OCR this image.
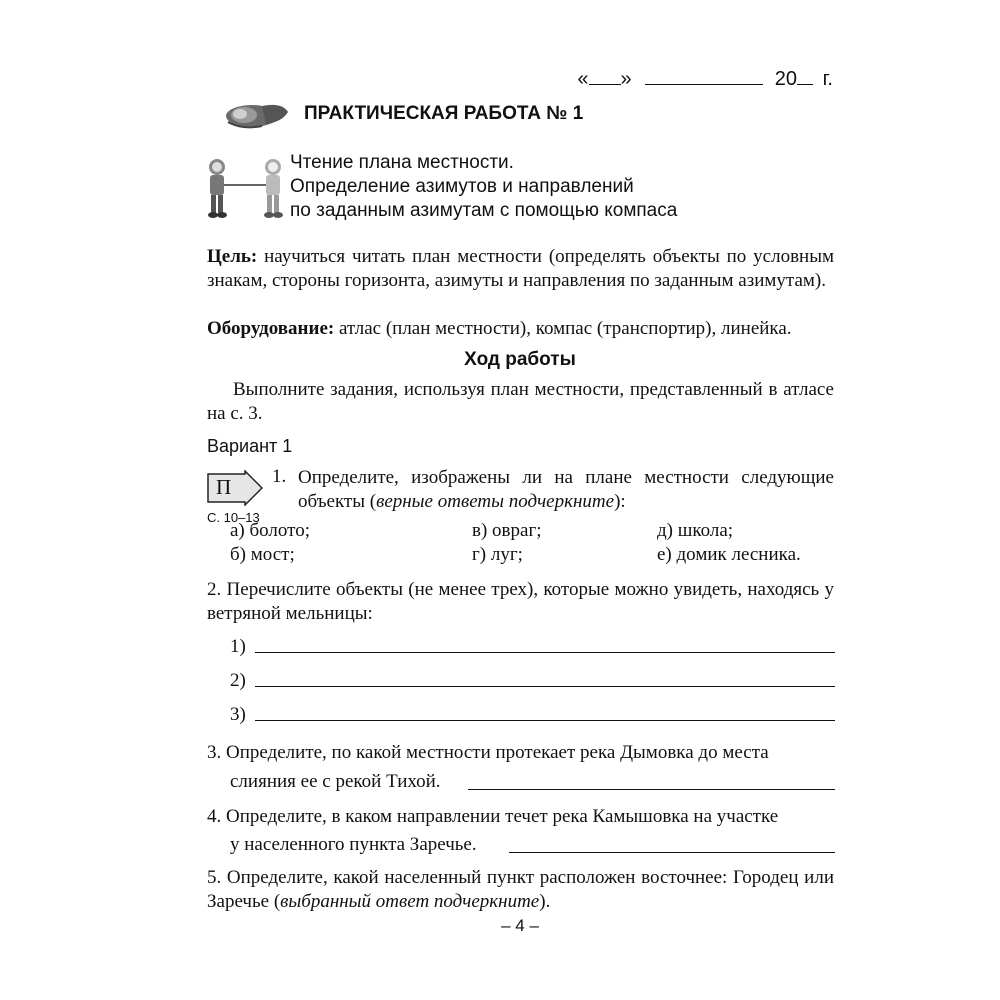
« »	20 г.
ПРАКТИЧЕСКАЯ РАБОТА № 1
Чтение плана местности.
Определение азимутов и направлений
по заданным азимутам с помощью компаса
Цель: научиться читать план местности (определять объекты по условным знакам, стороны горизонта, азимуты и направления по заданным азимутам).
Оборудование: атлас (план местности), компас (транспортир), линейка.
Ход работы
Выполните задания, используя план местности, представленный в атласе на с. 3.
Вариант 1
П
С. 10–13
1. Определите, изображены ли на плане местности следующие объекты (верные ответы подчеркните):
а) болото;	в) овраг;	д) школа;
б) мост;	г) луг;	е) домик лесника.
2. Перечислите объекты (не менее трех), которые можно увидеть, находясь у ветряной мельницы:
1)
2)
3)
3. Определите, по какой местности протекает река Дымовка до места
слияния ее с рекой Тихой.
4. Определите, в каком направлении течет река Камышовка на участке
у населенного пункта Заречье.
5. Определите, какой населенный пункт расположен восточнее: Городец или Заречье (выбранный ответ подчеркните).
– 4 –
